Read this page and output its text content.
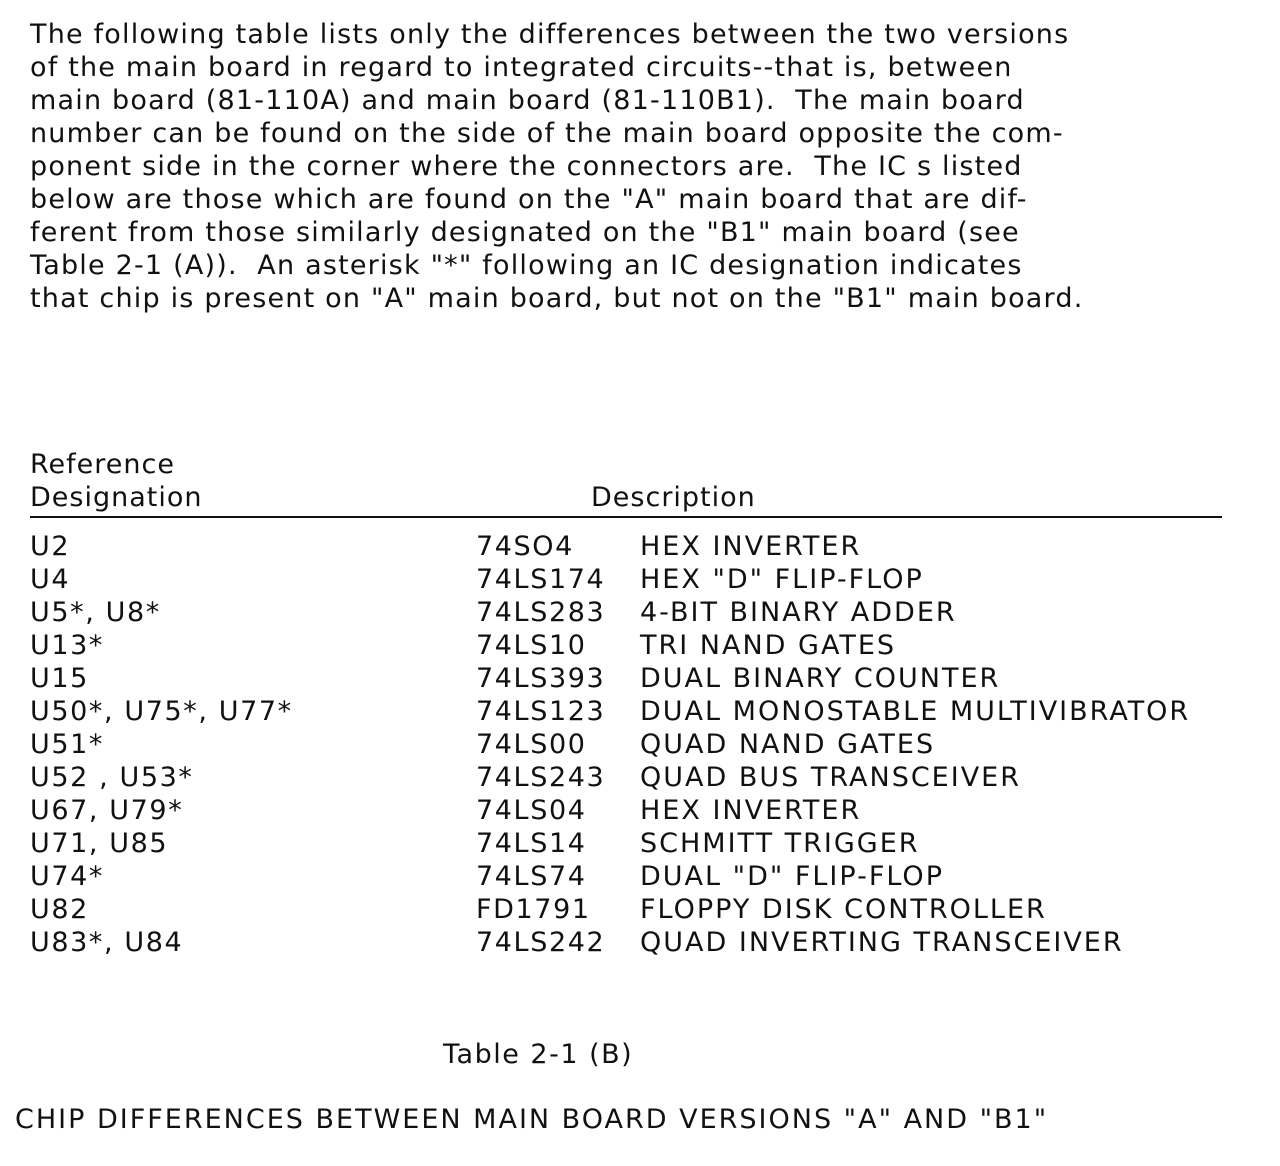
The following table lists only the differences between the two versions
of the main board in regard to integrated circuits--that is, between
main board (81-110A) and main board (81-110B1).  The main board
number can be found on the side of the main board opposite the com-
ponent side in the corner where the connectors are.  The IC s listed
below are those which are found on the "A" main board that are dif-
ferent from those similarly designated on the "B1" main board (see
Table 2-1 (A)).  An asterisk "*" following an IC designation indicates
that chip is present on "A" main board, but not on the "B1" main board.
Reference
Designation	Description
U2	74SO4 HEX INVERTER
U4	74LS174 HEX "D" FLIP-FLOP
U5*, U8*	74LS283 4-BIT BINARY ADDER
U13*	74LS10 TRI NAND GATES
U15	74LS393 DUAL BINARY COUNTER
U50*, U75*, U77*	74LS123 DUAL MONOSTABLE MULTIVIBRATOR
U51*	74LS00 QUAD NAND GATES
U52 , U53*	74LS243 QUAD BUS TRANSCEIVER
U67, U79*	74LS04 HEX INVERTER
U71, U85	74LS14 SCHMITT TRIGGER
U74*	74LS74 DUAL "D" FLIP-FLOP
U82	FD1791 FLOPPY DISK CONTROLLER
U83*, U84	74LS242 QUAD INVERTING TRANSCEIVER
Table 2-1 (B)
CHIP DIFFERENCES BETWEEN MAIN BOARD VERSIONS "A" AND "B1"
